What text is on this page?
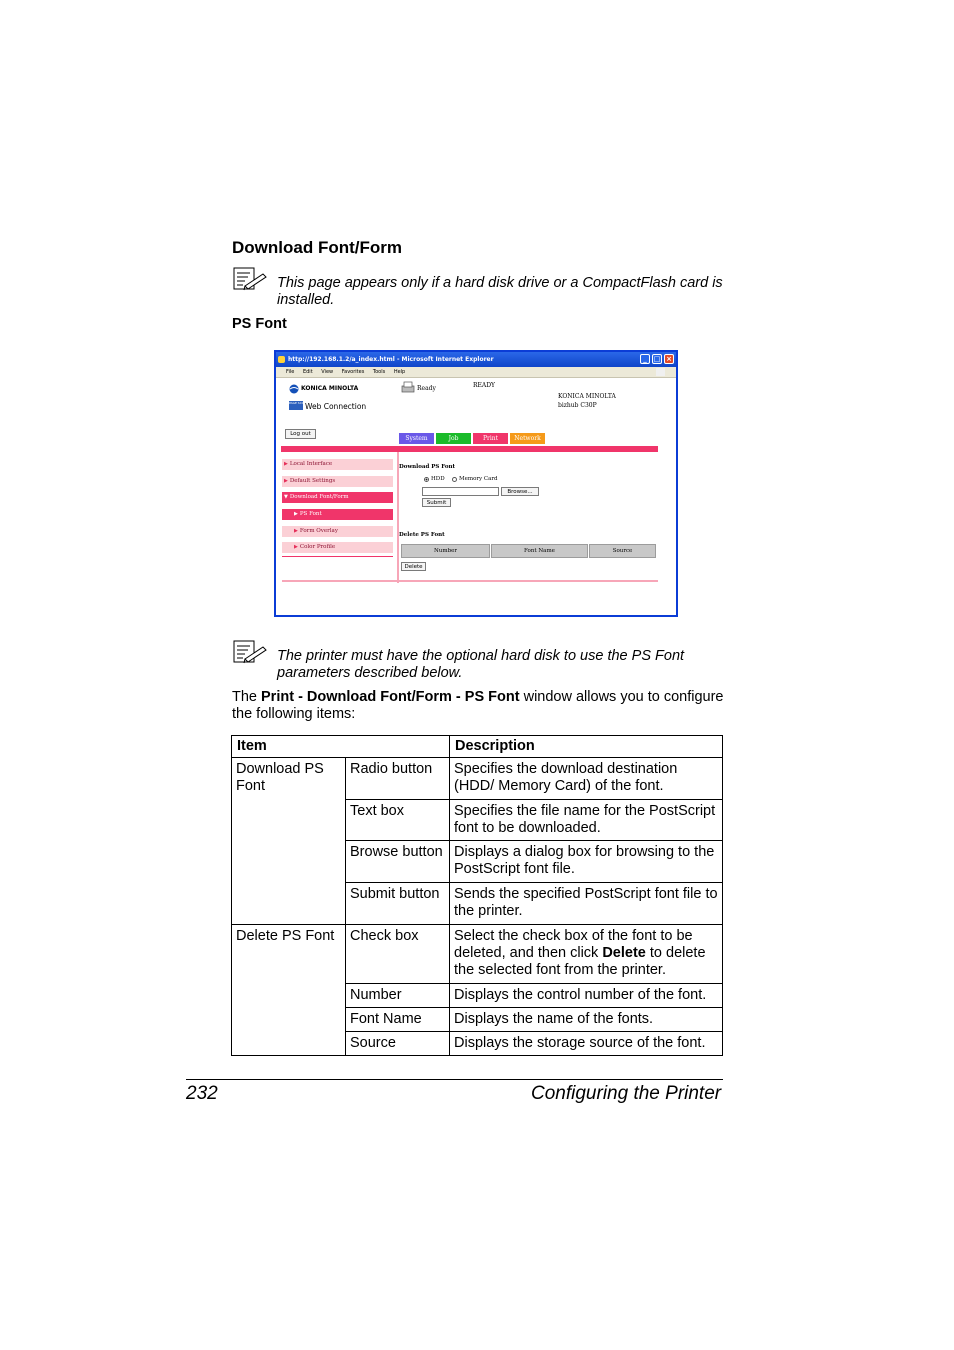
Download Font/Form
This page appears only if a hard disk drive or a CompactFlash card is installed.
PS Font
http://192.168.1.2/a_index.html - Microsoft Internet Explorer	_ □ ×
File Edit View Favorites Tools Help
KONICA MINOLTA
PAGE SCOPE
Web Connection
Ready	READY
KONICA MINOLTA
bizhub C30P
Log out
System	Job	Print	Network
▶ Local Interface
▶ Default Settings
▼ Download Font/Form
▶ PS Font
▶ Form Overlay
▶ Color Profile
Download PS Font
HDD	Memory Card
Browse...
Submit
Delete PS Font
Number	Font Name	Source
Delete
The printer must have the optional hard disk to use the PS Font parameters described below.
The Print - Download Font/Form - PS Font window allows you to configure the following items:
Item		Description
Download PS Font	Radio button	Specifies the download destination (HDD/ Memory Card) of the font.
	Text box	Specifies the file name for the PostScript font to be downloaded.
	Browse button	Displays a dialog box for browsing to the PostScript font file.
	Submit button	Sends the specified PostScript font file to the printer.
Delete PS Font	Check box	Select the check box of the font to be deleted, and then click Delete to delete the selected font from the printer.
	Number	Displays the control number of the font.
	Font Name	Displays the name of the fonts.
	Source	Displays the storage source of the font.
232	Configuring the Printer
